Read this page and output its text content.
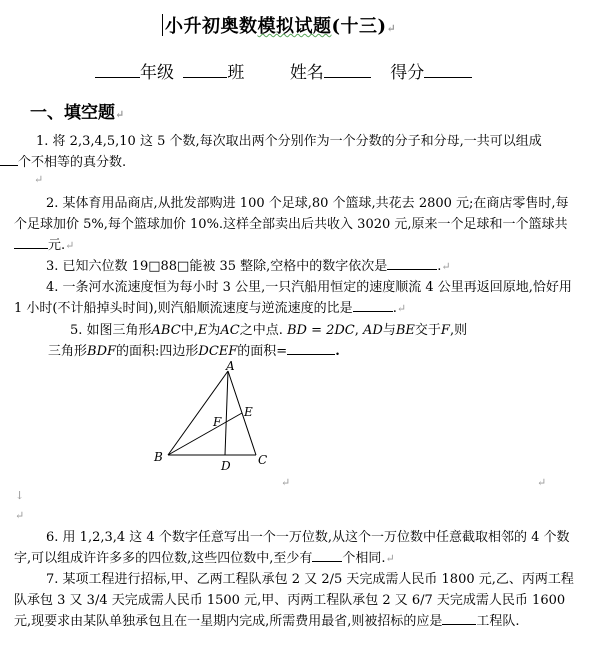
小升初奥数模拟试题(十三)↵
年级	班	姓名	得分
一、填空题↵
1. 将 2,3,4,5,10 这 5 个数,每次取出两个分别作为一个分数的分子和分母,一共可以组成
个不相等的真分数.
↵
2. 某体育用品商店,从批发部购进 100 个足球,80 个篮球,共花去 2800 元;在商店零售时,每个足球加价 5%,每个篮球加价 10%.这样全部卖出后共收入 3020 元,原来一个足球和一个篮球共元.↵
3. 已知六位数 19□88□能被 35 整除,空格中的数字依次是	.↵
4. 一条河水流速度恒为每小时 3 公里,一只汽船用恒定的速度顺流 4 公里再返回原地,恰好用 1 小时(不计船掉头时间),则汽船顺流速度与逆流速度的比是	.↵
5. 如图三角形ABC中,E为AC之中点. BD = 2DC, AD与BE交于F,则
三角形BDF的面积:四边形DCEF的面积=	.
A
B	C
D
E
F
↵	↵
↓
↵
6. 用 1,2,3,4 这 4 个数字任意写出一个一万位数,从这个一万位数中任意截取相邻的 4 个数字,可以组成许许多多的四位数,这些四位数中,至少有 个相同.↵
7. 某项工程进行招标,甲、乙两工程队承包 2 又 2/5 天完成需人民币 1800 元,乙、丙两工程队承包 3 又 3/4 天完成需人民币 1500 元,甲、丙两工程队承包 2 又 6/7 天完成需人民币 1600 元,现要求由某队单独承包且在一星期内完成,所需费用最省,则被招标的应是	工程队.
